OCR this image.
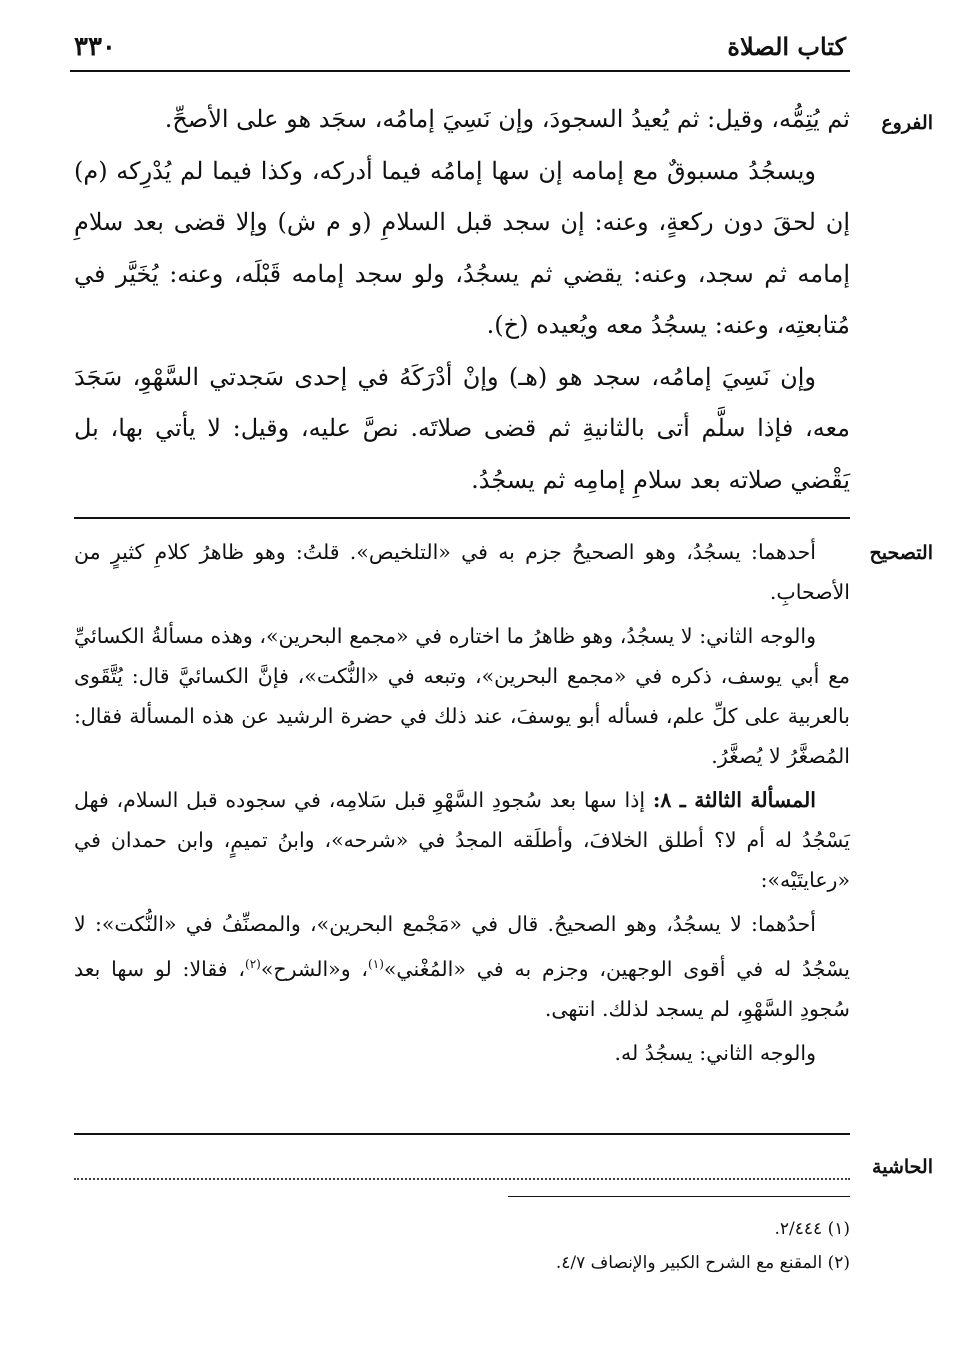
٣٣٠	كتاب الصلاة
الفروع

ثم يُتِمُّه، وقيل: ثم يُعيدُ السجودَ، وإن نَسِيَ إمامُه، سجَد هو على الأصحِّ.

ويسجُدُ مسبوقٌ مع إمامه إن سها إمامُه فيما أدركه، وكذا فيما لم يُدْرِكه (م) إن لحقَ دون ركعةٍ، وعنه: إن سجد قبل السلامِ (و م ش) وإلا قضى بعد سلامِ إمامه ثم سجد، وعنه: يقضي ثم يسجُدُ، ولو سجد إمامه قَبْلَه، وعنه: يُخَيَّر في مُتابعتِه، وعنه: يسجُدُ معه ويُعيده (خ).

وإن نَسِيَ إمامُه، سجد هو (هـ) وإنْ أدْرَكَهُ في إحدى سَجدتي السَّهْوِ، سَجَدَ معه، فإذا سلَّم أتى بالثانيةِ ثم قضى صلاتَه. نصَّ عليه، وقيل: لا يأتي بها، بل يَقْضي صلاته بعد سلامِ إمامِه ثم يسجُدُ.

التصحيح

أحدهما: يسجُدُ، وهو الصحيحُ جزم به في «التلخيص». قلتُ: وهو ظاهرُ كلامِ كثيرٍ من الأصحابِ.

والوجه الثاني: لا يسجُدُ، وهو ظاهرُ ما اختاره في «مجمع البحرين»، وهذه مسألةُ الكسائيِّ مع أبي يوسف، ذكره في «مجمع البحرين»، وتبعه في «النُّكت»، فإنَّ الكسائيَّ قال: يُتَّقَوى بالعربية على كلِّ علم، فسأله أبو يوسفَ، عند ذلك في حضرة الرشيد عن هذه المسألة فقال: المُصغَّرُ لا يُصغَّرُ.

المسألة الثالثة ـ ٨: إذا سها بعد سُجودِ السَّهْوِ قبل سَلامِه، في سجوده قبل السلام، فهل يَسْجُدُ له أم لا؟ أطلق الخلافَ، وأطلَقه المجدُ في «شرحه»، وابنُ تميمٍ، وابن حمدان في «رعايتَيْه»:

أحدُهما: لا يسجُدُ، وهو الصحيحُ. قال في «مَجْمع البحرين»، والمصنِّفُ في «النُّكت»: لا يسْجُدُ له في أقوى الوجهين، وجزم به في «المُغْني»$^{(١)}$، و«الشرح»$^{(٢)}$، فقالا: لو سها بعد سُجودِ السَّهْوِ، لم يسجد لذلك. انتهى.

والوجه الثاني: يسجُدُ له.

الحاشية
(١) ٢/٤٤٤.
(٢) المقنع مع الشرح الكبير والإنصاف ٤/٧.
